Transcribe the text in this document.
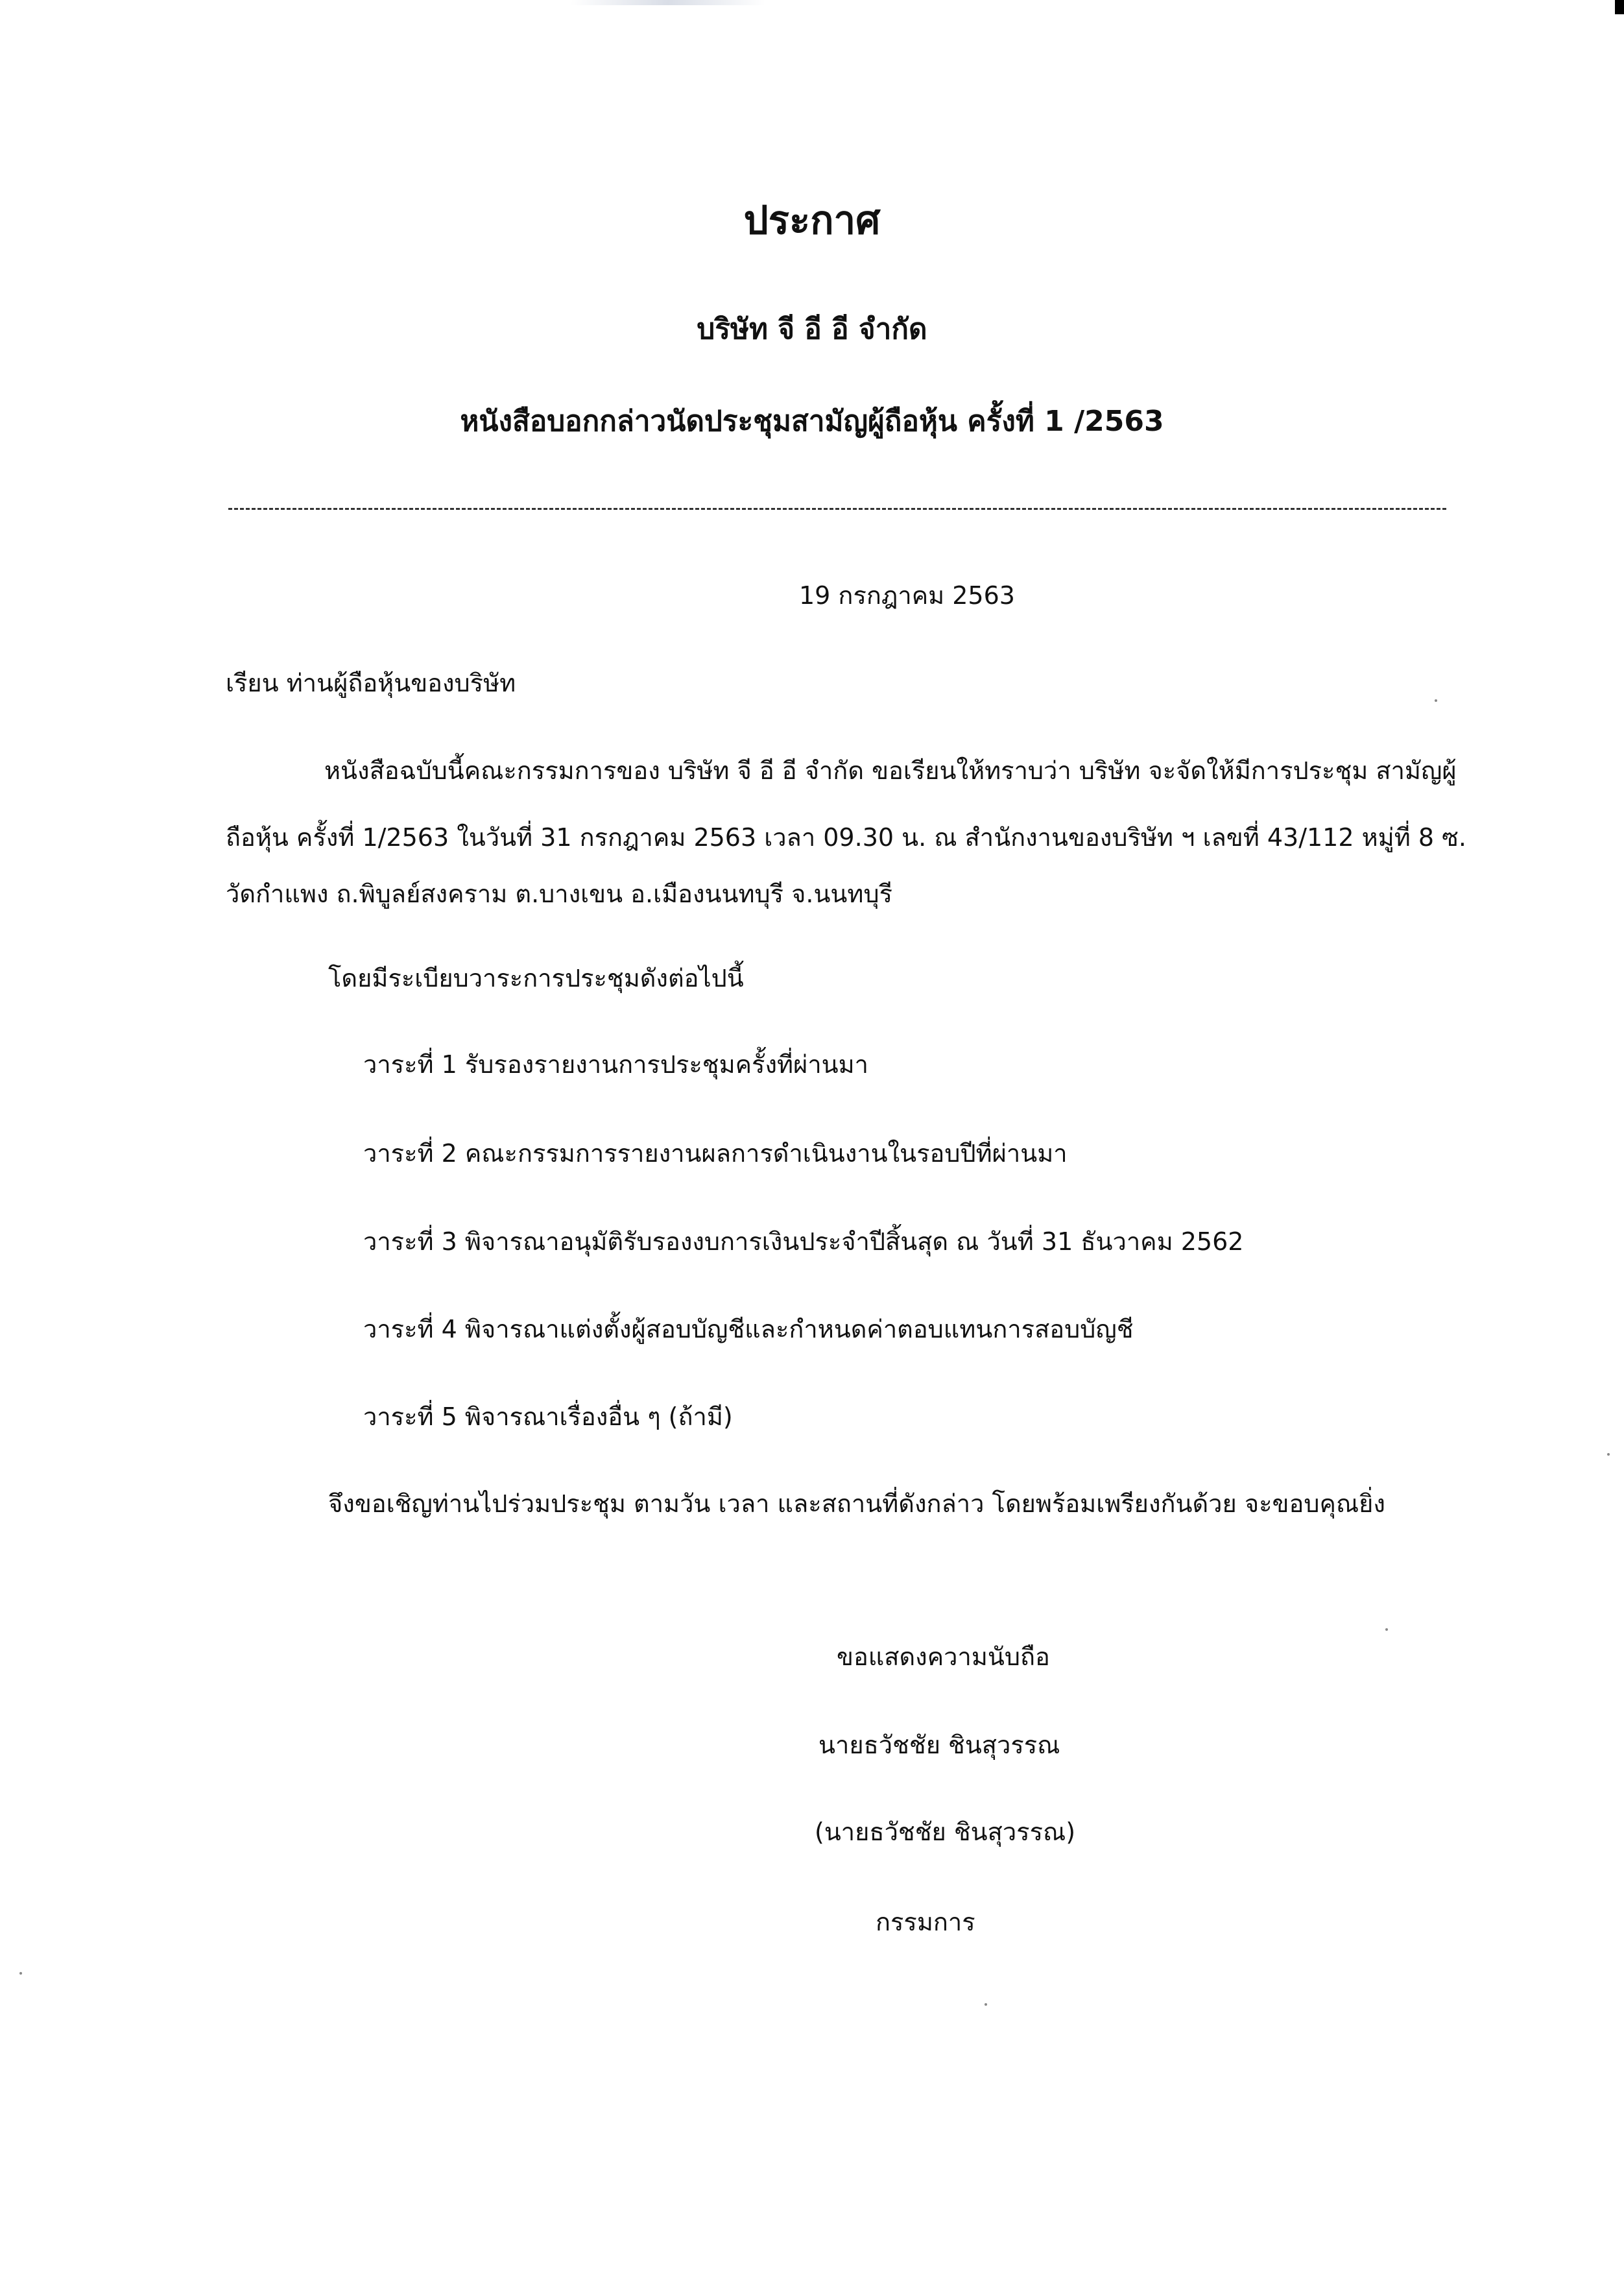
ประกาศ
บริษัท จี อี อี จำกัด
หนังสือบอกกล่าวนัดประชุมสามัญผู้ถือหุ้น ครั้งที่ 1 /2563
19 กรกฎาคม 2563
เรียน ท่านผู้ถือหุ้นของบริษัท
หนังสือฉบับนี้คณะกรรมการของ บริษัท จี อี อี จำกัด ขอเรียนให้ทราบว่า บริษัท จะจัดให้มีการประชุม สามัญผู้
ถือหุ้น ครั้งที่ 1/2563 ในวันที่ 31 กรกฎาคม 2563 เวลา 09.30 น. ณ สำนักงานของบริษัท ฯ เลขที่ 43/112 หมู่ที่ 8 ซ.
วัดกำแพง ถ.พิบูลย์สงคราม ต.บางเขน อ.เมืองนนทบุรี จ.นนทบุรี
โดยมีระเบียบวาระการประชุมดังต่อไปนี้
วาระที่ 1 รับรองรายงานการประชุมครั้งที่ผ่านมา
วาระที่ 2 คณะกรรมการรายงานผลการดำเนินงานในรอบปีที่ผ่านมา
วาระที่ 3 พิจารณาอนุมัติรับรองงบการเงินประจำปีสิ้นสุด ณ วันที่ 31 ธันวาคม 2562
วาระที่ 4 พิจารณาแต่งตั้งผู้สอบบัญชีและกำหนดค่าตอบแทนการสอบบัญชี
วาระที่ 5 พิจารณาเรื่องอื่น ๆ (ถ้ามี)
จึงขอเชิญท่านไปร่วมประชุม ตามวัน เวลา และสถานที่ดังกล่าว โดยพร้อมเพรียงกันด้วย จะขอบคุณยิ่ง
ขอแสดงความนับถือ
นายธวัชชัย ชินสุวรรณ
(นายธวัชชัย ชินสุวรรณ)
กรรมการ
